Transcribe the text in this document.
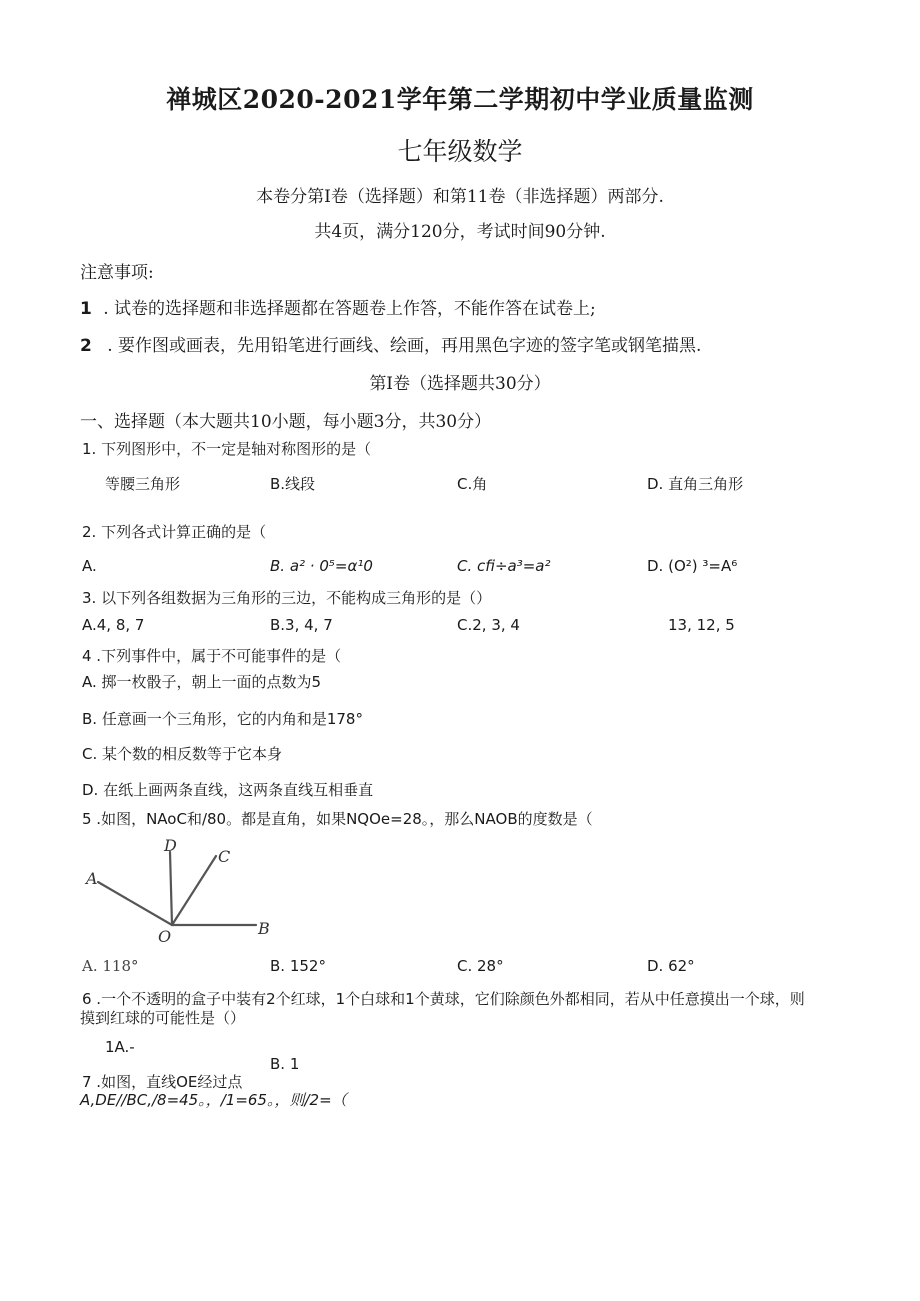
禅城区2020-2021学年第二学期初中学业质量监测
七年级数学
本卷分第Ⅰ卷（选择题）和第11卷（非选择题）两部分.
共4页，满分120分，考试时间90分钟.
注意事项:
1 . 试卷的选择题和非选择题都在答题卷上作答，不能作答在试卷上;
2 . 要作图或画表，先用铅笔进行画线、绘画，再用黑色字迹的签字笔或钢笔描黑.
第Ⅰ卷（选择题共30分）
一、选择题（本大题共10小题，每小题3分，共30分）
1. 下列图形中，不一定是轴对称图形的是（
等腰三角形	B.线段	C.角	D. 直角三角形
2. 下列各式计算正确的是（
A.	B. a² · 0⁵=α¹0	C. cfi÷a³=a²	D. (O²) ³=A⁶
3. 以下列各组数据为三角形的三边，不能构成三角形的是（）
A.4, 8, 7	B.3, 4, 7	C.2, 3, 4	13, 12, 5
4 .下列事件中，属于不可能事件的是（
A. 掷一枚骰子，朝上一面的点数为5
B. 任意画一个三角形，它的内角和是178°
C. 某个数的相反数等于它本身
D. 在纸上画两条直线，这两条直线互相垂直
5 .如图，NAoC和/80。都是直角，如果NQOe=28。，那么NAOB的度数是（
A
D
C
B
O
A. 118°	B. 152°	C. 28°	D. 62°
6 .一个不透明的盒子中装有2个红球，1个白球和1个黄球，它们除颜色外都相同，若从中任意摸出一个球，则
摸到红球的可能性是（）
1A.-
B. 1
7 .如图，直线OE经过点
A,DE//BC,/8=45。，/1=65。，则/2=（
